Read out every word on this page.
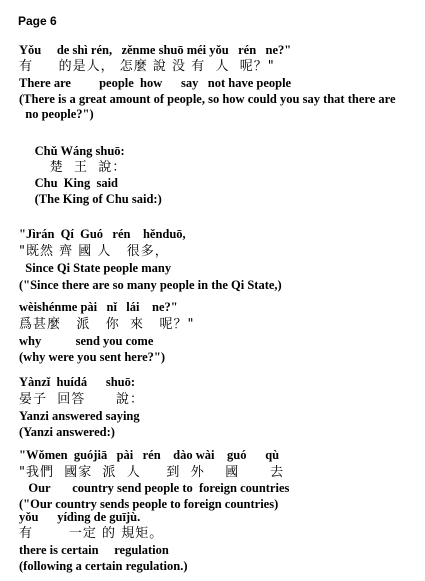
Page 6

Yǒu     de shì rén,   zěnme shuō méi yǒu   rén   ne?"

有     的是人， 怎麼 說 没 有  人  呢？"

There are         people  how      say   not have people

(There is a great amount of people, so how could you say that there are
no people?")

Chǔ Wáng shuō:

楚  王  說：

Chu  King  said

(The King of Chu said:)

"Jìrán  Qí  Guó   rén    hěnduō,

"既然 齊 國 人   很多，

Since Qi State people many

("Since there are so many people in the Qi State,)

wèishénme pài   nǐ   lái    ne?"

爲甚麼   派   你  來   呢？"

why           send you come

(why were you sent here?")

Yànzǐ  huídá      shuō:

晏子  回答      說：

Yanzi answered saying

(Yanzi answered:)

"Wǒmen  guójiā   pài   rén    dào wài    guó      qù

"我們  國家  派  人     到  外    國      去

Our       country send people to  foreign countries

("Our country sends people to foreign countries)

yǒu      yídìng de guījù.

有       一定 的 規矩。

there is certain     regulation

(following a certain regulation.)
